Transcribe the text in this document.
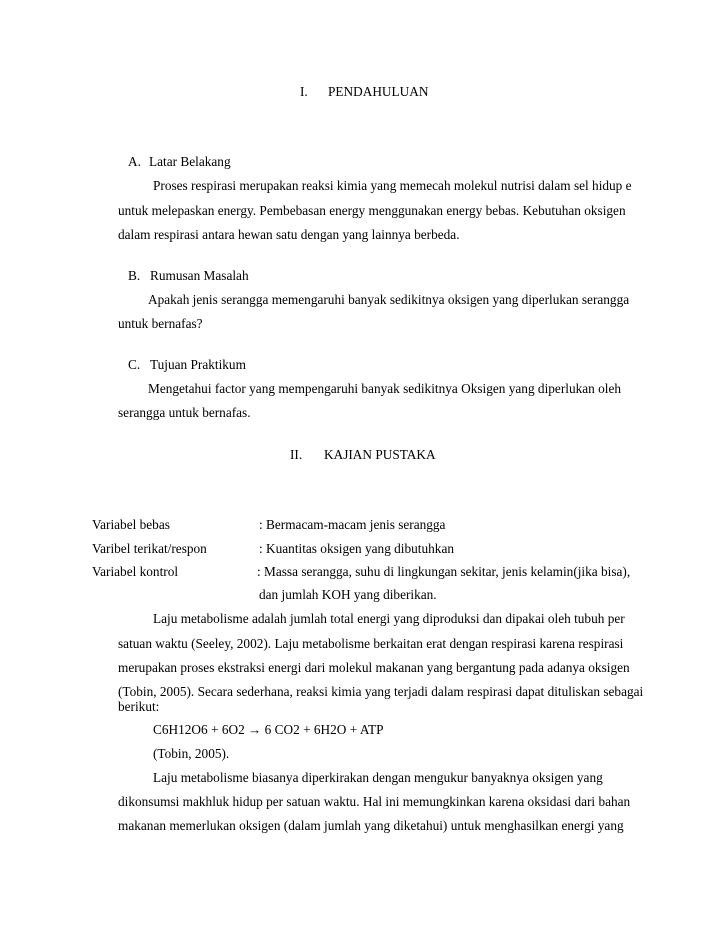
I. PENDAHULUAN
A. Latar Belakang
Proses respirasi merupakan reaksi kimia yang memecah molekul nutrisi dalam sel hidup e
untuk melepaskan energy. Pembebasan energy menggunakan energy bebas. Kebutuhan oksigen
dalam respirasi antara hewan satu dengan yang lainnya berbeda.
B. Rumusan Masalah
Apakah jenis serangga memengaruhi banyak sedikitnya oksigen yang diperlukan serangga
untuk bernafas?
C. Tujuan Praktikum
Mengetahui factor yang mempengaruhi banyak sedikitnya Oksigen yang diperlukan oleh
serangga untuk bernafas.
II. KAJIAN PUSTAKA
Variabel bebas	: Bermacam-macam jenis serangga
Varibel terikat/respon	: Kuantitas oksigen yang dibutuhkan
Variabel kontrol	: Massa serangga, suhu di lingkungan sekitar, jenis kelamin(jika bisa),
dan jumlah KOH yang diberikan.
Laju metabolisme adalah jumlah total energi yang diproduksi dan dipakai oleh tubuh per
satuan waktu (Seeley, 2002). Laju metabolisme berkaitan erat dengan respirasi karena respirasi
merupakan proses ekstraksi energi dari molekul makanan yang bergantung pada adanya oksigen
(Tobin, 2005). Secara sederhana, reaksi kimia yang terjadi dalam respirasi dapat dituliskan sebagai
berikut:
C6H12O6 + 6O2 → 6 CO2 + 6H2O + ATP
(Tobin, 2005).
Laju metabolisme biasanya diperkirakan dengan mengukur banyaknya oksigen yang
dikonsumsi makhluk hidup per satuan waktu. Hal ini memungkinkan karena oksidasi dari bahan
makanan memerlukan oksigen (dalam jumlah yang diketahui) untuk menghasilkan energi yang
